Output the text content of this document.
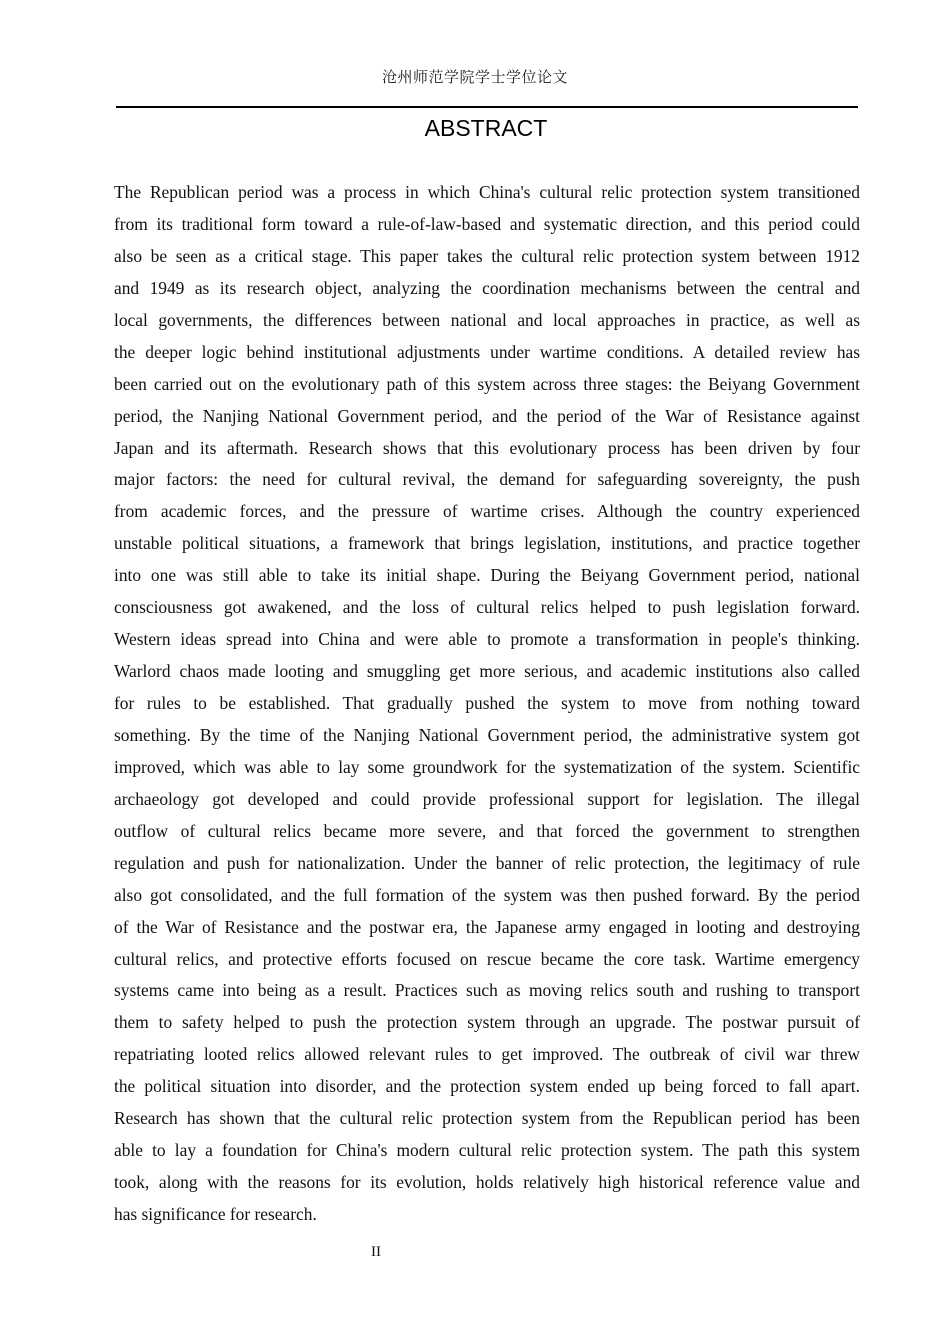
沧州师范学院学士学位论文
ABSTRACT
The Republican period was a process in which China's cultural relic protection system transitioned
from its traditional form toward a rule-of-law-based and systematic direction, and this period could
also be seen as a critical stage. This paper takes the cultural relic protection system between 1912
and 1949 as its research object, analyzing the coordination mechanisms between the central and
local governments, the differences between national and local approaches in practice, as well as
the deeper logic behind institutional adjustments under wartime conditions. A detailed review has
been carried out on the evolutionary path of this system across three stages: the Beiyang Government
period, the Nanjing National Government period, and the period of the War of Resistance against
Japan and its aftermath. Research shows that this evolutionary process has been driven by four
major factors: the need for cultural revival, the demand for safeguarding sovereignty, the push
from academic forces, and the pressure of wartime crises. Although the country experienced
unstable political situations, a framework that brings legislation, institutions, and practice together
into one was still able to take its initial shape. During the Beiyang Government period, national
consciousness got awakened, and the loss of cultural relics helped to push legislation forward.
Western ideas spread into China and were able to promote a transformation in people's thinking.
Warlord chaos made looting and smuggling get more serious, and academic institutions also called
for rules to be established. That gradually pushed the system to move from nothing toward
something. By the time of the Nanjing National Government period, the administrative system got
improved, which was able to lay some groundwork for the systematization of the system. Scientific
archaeology got developed and could provide professional support for legislation. The illegal
outflow of cultural relics became more severe, and that forced the government to strengthen
regulation and push for nationalization. Under the banner of relic protection, the legitimacy of rule
also got consolidated, and the full formation of the system was then pushed forward. By the period
of the War of Resistance and the postwar era, the Japanese army engaged in looting and destroying
cultural relics, and protective efforts focused on rescue became the core task. Wartime emergency
systems came into being as a result. Practices such as moving relics south and rushing to transport
them to safety helped to push the protection system through an upgrade. The postwar pursuit of
repatriating looted relics allowed relevant rules to get improved. The outbreak of civil war threw
the political situation into disorder, and the protection system ended up being forced to fall apart.
Research has shown that the cultural relic protection system from the Republican period has been
able to lay a foundation for China's modern cultural relic protection system. The path this system
took, along with the reasons for its evolution, holds relatively high historical reference value and
has significance for research.
II
